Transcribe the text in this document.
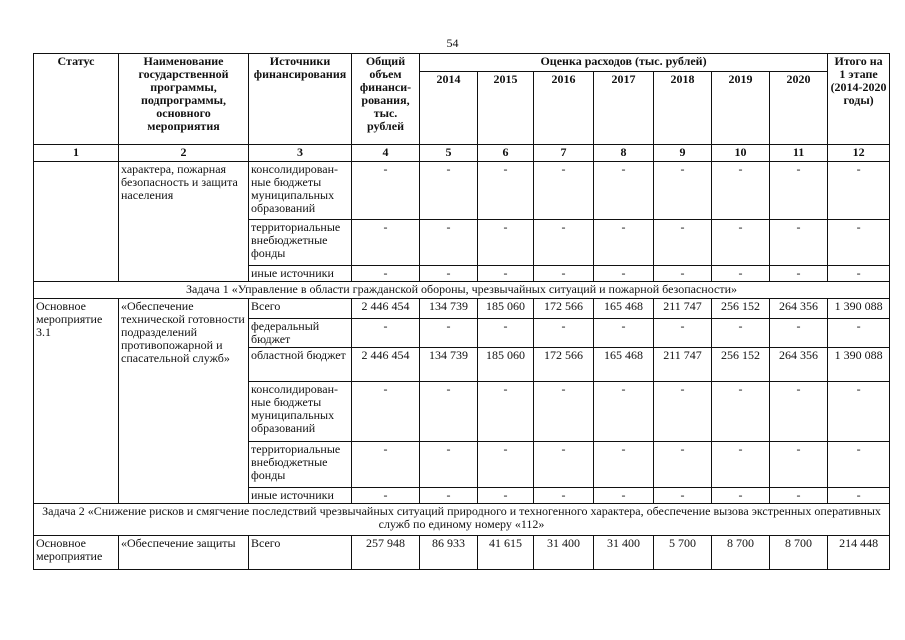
54
Статус	Наименование государственной программы, подпрограммы, основного мероприятия	Источники финансирования	Общий объем финанси-рования, тыс. рублей	Оценка расходов (тыс. рублей)							Итого на 1 этапе (2014-2020 годы)
				2014	2015	2016	2017	2018	2019	2020	
1	2	3	4	5	6	7	8	9	10	11	12
	характера, пожарная безопасность и защита населения	консолидирован-ные бюджеты муниципальных образований	-	-	-	-	-	-	-	-	-
		территориальные внебюджетные фонды	-	-	-	-	-	-	-	-	-
		иные источники	-	-	-	-	-	-	-	-	-
Задача 1 «Управление в области гражданской обороны, чрезвычайных ситуаций и пожарной безопасности»											
Основное мероприятие 3.1	«Обеспечение технической готовности подразделений противопожарной и спасательной служб»	Всего	2 446 454	134 739	185 060	172 566	165 468	211 747	256 152	264 356	1 390 088
		федеральный бюджет	-	-	-	-	-	-	-	-	-
		областной бюджет	2 446 454	134 739	185 060	172 566	165 468	211 747	256 152	264 356	1 390 088
		консолидирован-ные бюджеты муниципальных образований	-	-	-	-	-	-	-	-	-
		территориальные внебюджетные фонды	-	-	-	-	-	-	-	-	-
		иные источники	-	-	-	-	-	-	-	-	-
Задача 2 «Снижение рисков и смягчение последствий чрезвычайных ситуаций природного и техногенного характера, обеспечение вызова экстренных оперативных служб по единому номеру «112»											
Основное мероприятие	«Обеспечение защиты	Всего	257 948	86 933	41 615	31 400	31 400	5 700	8 700	8 700	214 448
